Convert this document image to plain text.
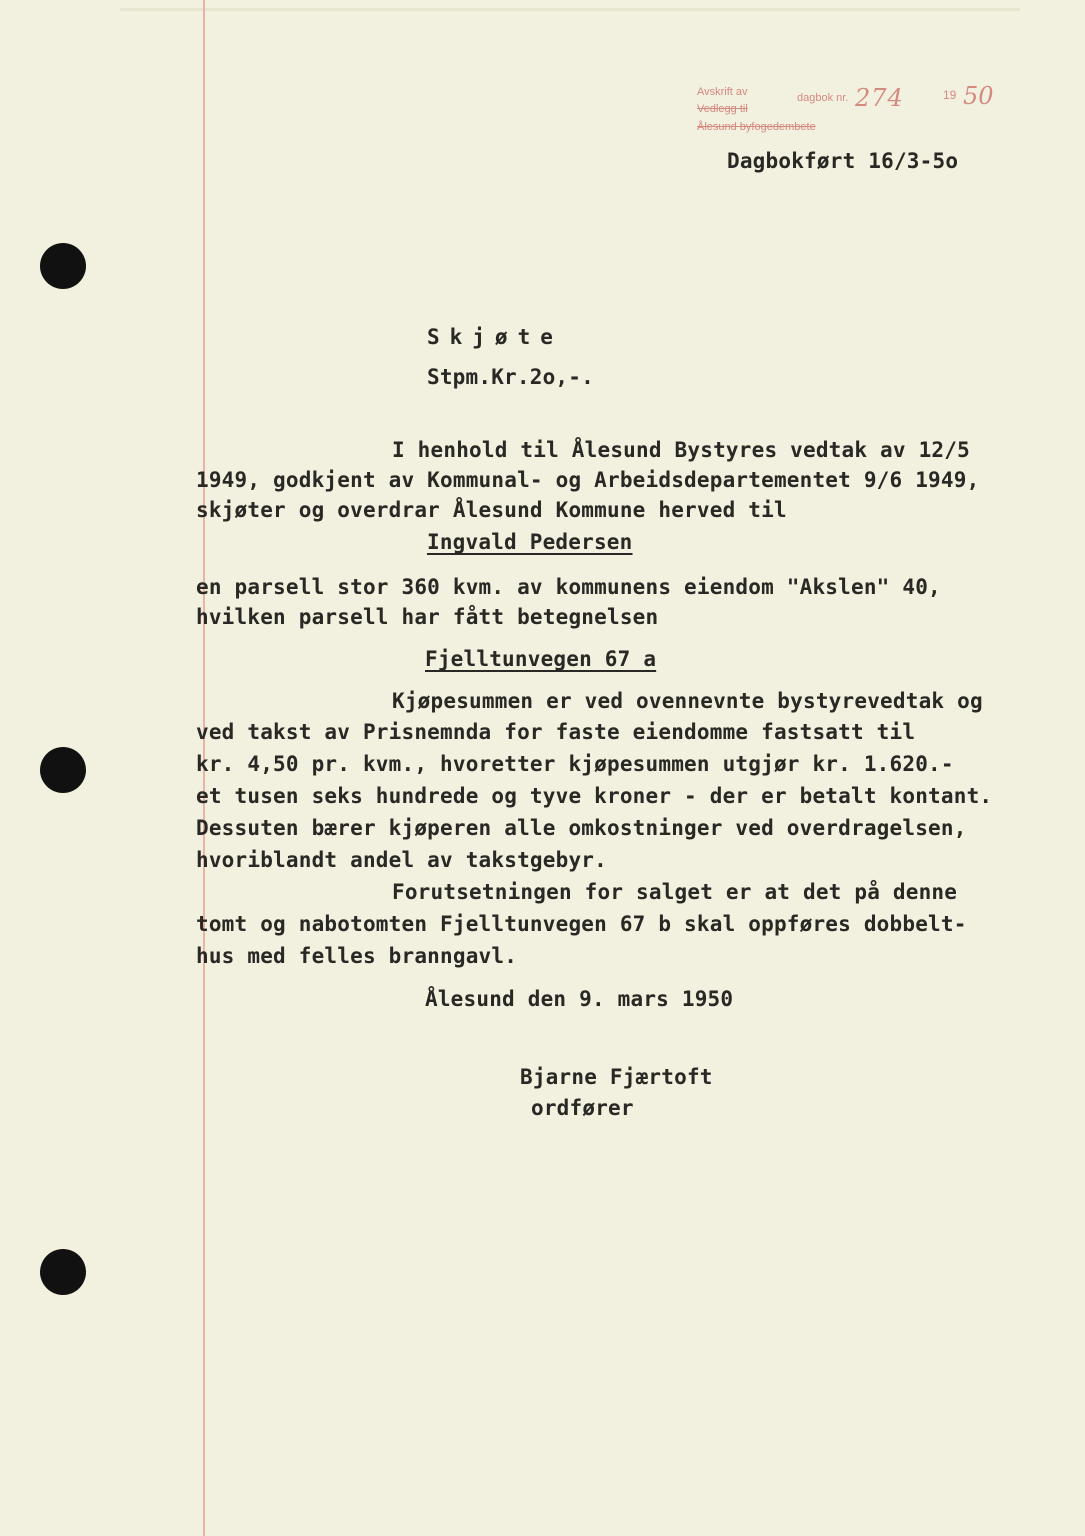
Avskrift av	dagbok nr. 274	19 50
Vedlegg til
Ålesund byfogedembete
Dagbokført 16/3-5o
Skjøte
Stpm.Kr.2o,-.
I henhold til Ålesund Bystyres vedtak av 12/5
1949, godkjent av Kommunal- og Arbeidsdepartementet 9/6 1949,
skjøter og overdrar Ålesund Kommune herved til
Ingvald Pedersen
en parsell stor 360 kvm. av kommunens eiendom "Akslen" 40,
hvilken parsell har fått betegnelsen
Fjelltunvegen 67 a
Kjøpesummen er ved ovennevnte bystyrevedtak og
ved takst av Prisnemnda for faste eiendomme fastsatt til
kr. 4,50 pr. kvm., hvoretter kjøpesummen utgjør kr. 1.620.-
et tusen seks hundrede og tyve kroner - der er betalt kontant.
Dessuten bærer kjøperen alle omkostninger ved overdragelsen,
hvoriblandt andel av takstgebyr.
Forutsetningen for salget er at det på denne
tomt og nabotomten Fjelltunvegen 67 b skal oppføres dobbelt-
hus med felles branngavl.
Ålesund den 9. mars 1950
Bjarne Fjærtoft
ordfører
